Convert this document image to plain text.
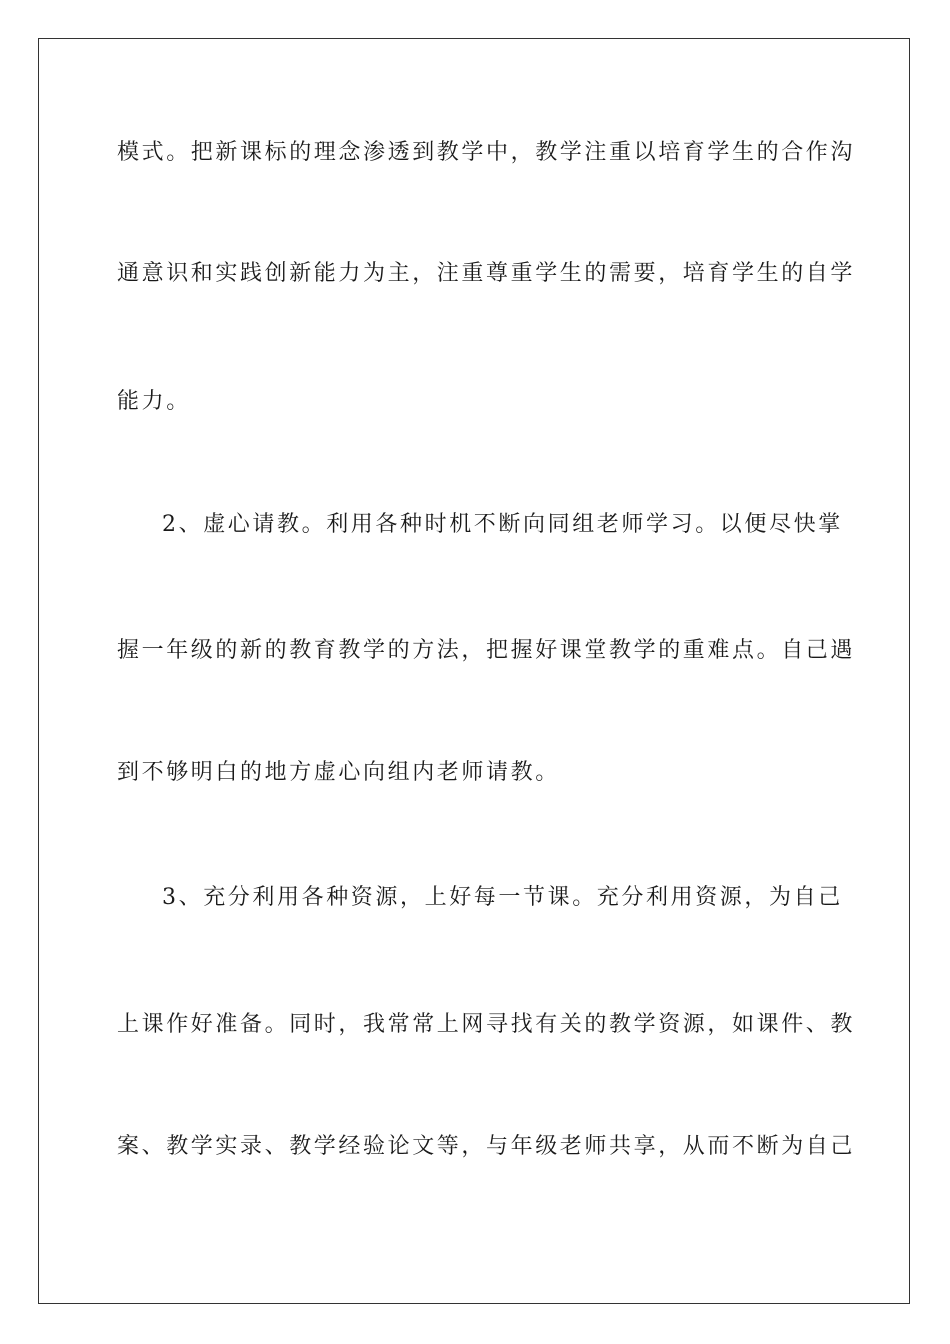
模式。把新课标的理念渗透到教学中，教学注重以培育学生的合作沟
通意识和实践创新能力为主，注重尊重学生的需要，培育学生的自学
能力。
2、虚心请教。利用各种时机不断向同组老师学习。以便尽快掌
握一年级的新的教育教学的方法，把握好课堂教学的重难点。自己遇
到不够明白的地方虚心向组内老师请教。
3、充分利用各种资源，上好每一节课。充分利用资源，为自己
上课作好准备。同时，我常常上网寻找有关的教学资源，如课件、教
案、教学实录、教学经验论文等，与年级老师共享，从而不断为自己
